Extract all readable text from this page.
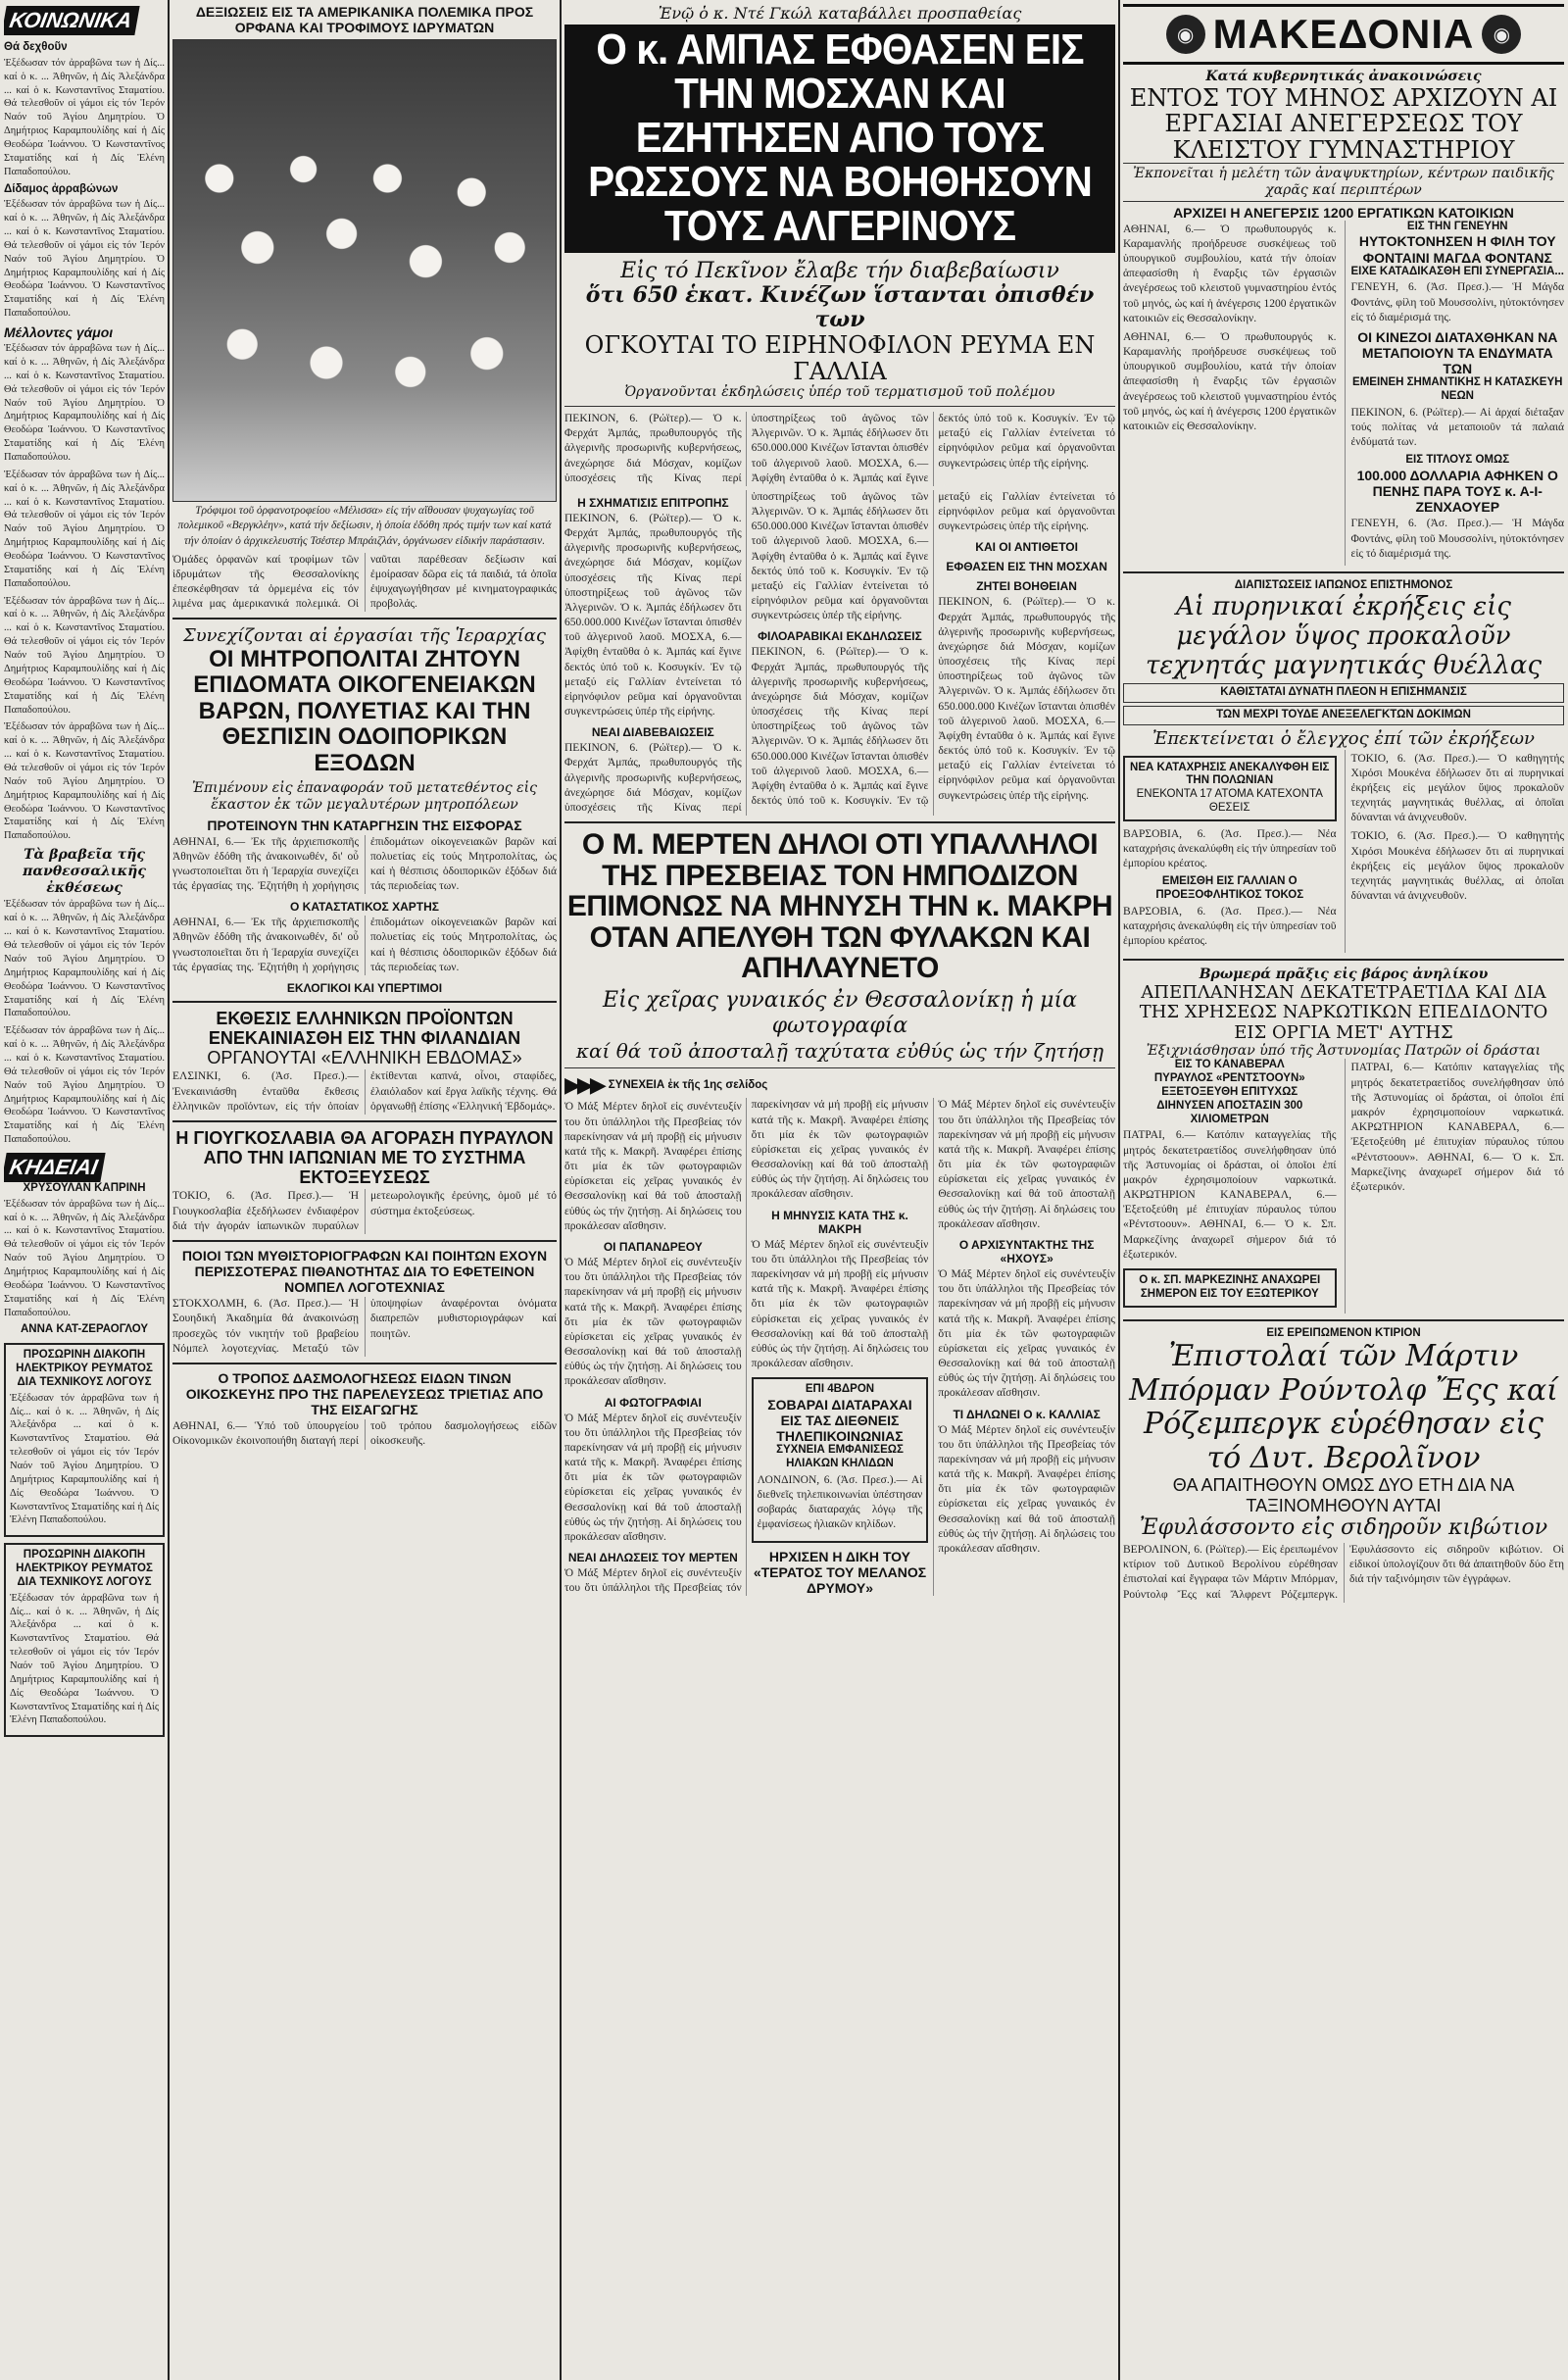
ΚΟΙΝΩΝΙΚΑ
Θά δεχθοῦν
Ἐξέδωσαν τόν ἀρραβῶνα των ἡ Δίς... καί ὁ κ. ... Ἀθηνῶν, ἡ Δίς Ἀλεξάνδρα ... καί ὁ κ. Κωνσταντῖνος Σταματίου. Θά τελεσθοῦν οἱ γάμοι εἰς τόν Ἱερόν Ναόν τοῦ Ἁγίου Δημητρίου. Ὁ Δημήτριος Καραμπουλίδης καί ἡ Δίς Θεοδώρα Ἰωάννου. Ὁ Κωνσταντῖνος Σταματίδης καί ἡ Δίς Ἑλένη Παπαδοπούλου.
Δίδαμος ἀρραβώνων
Ἐξέδωσαν τόν ἀρραβῶνα των ἡ Δίς... καί ὁ κ. ... Ἀθηνῶν, ἡ Δίς Ἀλεξάνδρα ... καί ὁ κ. Κωνσταντῖνος Σταματίου. Θά τελεσθοῦν οἱ γάμοι εἰς τόν Ἱερόν Ναόν τοῦ Ἁγίου Δημητρίου. Ὁ Δημήτριος Καραμπουλίδης καί ἡ Δίς Θεοδώρα Ἰωάννου. Ὁ Κωνσταντῖνος Σταματίδης καί ἡ Δίς Ἑλένη Παπαδοπούλου.
Μέλλοντες γάμοι
Ἐξέδωσαν τόν ἀρραβῶνα των ἡ Δίς... καί ὁ κ. ... Ἀθηνῶν, ἡ Δίς Ἀλεξάνδρα ... καί ὁ κ. Κωνσταντῖνος Σταματίου. Θά τελεσθοῦν οἱ γάμοι εἰς τόν Ἱερόν Ναόν τοῦ Ἁγίου Δημητρίου. Ὁ Δημήτριος Καραμπουλίδης καί ἡ Δίς Θεοδώρα Ἰωάννου. Ὁ Κωνσταντῖνος Σταματίδης καί ἡ Δίς Ἑλένη Παπαδοπούλου.
Ἐξέδωσαν τόν ἀρραβῶνα των ἡ Δίς... καί ὁ κ. ... Ἀθηνῶν, ἡ Δίς Ἀλεξάνδρα ... καί ὁ κ. Κωνσταντῖνος Σταματίου. Θά τελεσθοῦν οἱ γάμοι εἰς τόν Ἱερόν Ναόν τοῦ Ἁγίου Δημητρίου. Ὁ Δημήτριος Καραμπουλίδης καί ἡ Δίς Θεοδώρα Ἰωάννου. Ὁ Κωνσταντῖνος Σταματίδης καί ἡ Δίς Ἑλένη Παπαδοπούλου.
Ἐξέδωσαν τόν ἀρραβῶνα των ἡ Δίς... καί ὁ κ. ... Ἀθηνῶν, ἡ Δίς Ἀλεξάνδρα ... καί ὁ κ. Κωνσταντῖνος Σταματίου. Θά τελεσθοῦν οἱ γάμοι εἰς τόν Ἱερόν Ναόν τοῦ Ἁγίου Δημητρίου. Ὁ Δημήτριος Καραμπουλίδης καί ἡ Δίς Θεοδώρα Ἰωάννου. Ὁ Κωνσταντῖνος Σταματίδης καί ἡ Δίς Ἑλένη Παπαδοπούλου.
Ἐξέδωσαν τόν ἀρραβῶνα των ἡ Δίς... καί ὁ κ. ... Ἀθηνῶν, ἡ Δίς Ἀλεξάνδρα ... καί ὁ κ. Κωνσταντῖνος Σταματίου. Θά τελεσθοῦν οἱ γάμοι εἰς τόν Ἱερόν Ναόν τοῦ Ἁγίου Δημητρίου. Ὁ Δημήτριος Καραμπουλίδης καί ἡ Δίς Θεοδώρα Ἰωάννου. Ὁ Κωνσταντῖνος Σταματίδης καί ἡ Δίς Ἑλένη Παπαδοπούλου.
Τὰ βραβεῖα τῆς πανθεσσαλικῆς ἐκθέσεως
Ἐξέδωσαν τόν ἀρραβῶνα των ἡ Δίς... καί ὁ κ. ... Ἀθηνῶν, ἡ Δίς Ἀλεξάνδρα ... καί ὁ κ. Κωνσταντῖνος Σταματίου. Θά τελεσθοῦν οἱ γάμοι εἰς τόν Ἱερόν Ναόν τοῦ Ἁγίου Δημητρίου. Ὁ Δημήτριος Καραμπουλίδης καί ἡ Δίς Θεοδώρα Ἰωάννου. Ὁ Κωνσταντῖνος Σταματίδης καί ἡ Δίς Ἑλένη Παπαδοπούλου.
Ἐξέδωσαν τόν ἀρραβῶνα των ἡ Δίς... καί ὁ κ. ... Ἀθηνῶν, ἡ Δίς Ἀλεξάνδρα ... καί ὁ κ. Κωνσταντῖνος Σταματίου. Θά τελεσθοῦν οἱ γάμοι εἰς τόν Ἱερόν Ναόν τοῦ Ἁγίου Δημητρίου. Ὁ Δημήτριος Καραμπουλίδης καί ἡ Δίς Θεοδώρα Ἰωάννου. Ὁ Κωνσταντῖνος Σταματίδης καί ἡ Δίς Ἑλένη Παπαδοπούλου.
ΚΗΔΕΙΑΙ
ΧΡΥΣΟΥΛΑΝ ΚΑΠΡΙΝΗ
Ἐξέδωσαν τόν ἀρραβῶνα των ἡ Δίς... καί ὁ κ. ... Ἀθηνῶν, ἡ Δίς Ἀλεξάνδρα ... καί ὁ κ. Κωνσταντῖνος Σταματίου. Θά τελεσθοῦν οἱ γάμοι εἰς τόν Ἱερόν Ναόν τοῦ Ἁγίου Δημητρίου. Ὁ Δημήτριος Καραμπουλίδης καί ἡ Δίς Θεοδώρα Ἰωάννου. Ὁ Κωνσταντῖνος Σταματίδης καί ἡ Δίς Ἑλένη Παπαδοπούλου.
ΑΝΝΑ ΚΑΤ-ΖΕΡΑΟΓΛΟΥ
ΠΡΟΣΩΡΙΝΗ ΔΙΑΚΟΠΗ ΗΛΕΚΤΡΙΚΟΥ ΡΕΥΜΑΤΟΣ ΔΙΑ ΤΕΧΝΙΚΟΥΣ ΛΟΓΟΥΣ
Ἐξέδωσαν τόν ἀρραβῶνα των ἡ Δίς... καί ὁ κ. ... Ἀθηνῶν, ἡ Δίς Ἀλεξάνδρα ... καί ὁ κ. Κωνσταντῖνος Σταματίου. Θά τελεσθοῦν οἱ γάμοι εἰς τόν Ἱερόν Ναόν τοῦ Ἁγίου Δημητρίου. Ὁ Δημήτριος Καραμπουλίδης καί ἡ Δίς Θεοδώρα Ἰωάννου. Ὁ Κωνσταντῖνος Σταματίδης καί ἡ Δίς Ἑλένη Παπαδοπούλου.
ΠΡΟΣΩΡΙΝΗ ΔΙΑΚΟΠΗ ΗΛΕΚΤΡΙΚΟΥ ΡΕΥΜΑΤΟΣ ΔΙΑ ΤΕΧΝΙΚΟΥΣ ΛΟΓΟΥΣ
Ἐξέδωσαν τόν ἀρραβῶνα των ἡ Δίς... καί ὁ κ. ... Ἀθηνῶν, ἡ Δίς Ἀλεξάνδρα ... καί ὁ κ. Κωνσταντῖνος Σταματίου. Θά τελεσθοῦν οἱ γάμοι εἰς τόν Ἱερόν Ναόν τοῦ Ἁγίου Δημητρίου. Ὁ Δημήτριος Καραμπουλίδης καί ἡ Δίς Θεοδώρα Ἰωάννου. Ὁ Κωνσταντῖνος Σταματίδης καί ἡ Δίς Ἑλένη Παπαδοπούλου.
ΔΕΞΙΩΣΕΙΣ ΕΙΣ ΤΑ ΑΜΕΡΙΚΑΝΙΚΑ ΠΟΛΕΜΙΚΑ ΠΡΟΣ ΟΡΦΑΝΑ ΚΑΙ ΤΡΟΦΙΜΟΥΣ ΙΔΡΥΜΑΤΩΝ
Τρόφιμοι τοῦ ὀρφανοτροφείου «Μέλισσα» εἰς τήν αἴθουσαν ψυχαγωγίας τοῦ πολεμικοῦ «Βεργκλέην», κατά τήν δεξίωσιν, ἡ ὁποία ἐδόθη πρός τιμήν των καί κατά τήν ὁποίαν ὁ ἀρχικελευστής Τσέστερ Μπράιζλάν, ὀργάνωσεν εἰδικήν παράστασιν.
Ὁμάδες ὀρφανῶν καί τροφίμων τῶν ἱδρυμάτων τῆς Θεσσαλονίκης ἐπεσκέφθησαν τά ὁρμεμένα εἰς τόν λιμένα μας ἀμερικανικά πολεμικά. Οἱ ναῦται παρέθεσαν δεξίωσιν καί ἐμοίρασαν δῶρα εἰς τά παιδιά, τά ὁποῖα ἐψυχαγωγήθησαν μέ κινηματογραφικάς προβολάς.
Συνεχίζονται αἱ ἐργασίαι τῆς Ἱεραρχίας
ΟΙ ΜΗΤΡΟΠΟΛΙΤΑΙ ΖΗΤΟΥΝ ΕΠΙΔΟΜΑΤΑ ΟΙΚΟΓΕΝΕΙΑΚΩΝ ΒΑΡΩΝ, ΠΟΛΥΕΤΙΑΣ ΚΑΙ ΤΗΝ ΘΕΣΠΙΣΙΝ ΟΔΟΙΠΟΡΙΚΩΝ ΕΞΟΔΩΝ
Ἐπιμένουν εἰς ἐπαναφοράν τοῦ μετατεθέντος εἰς ἕκαστον ἐκ τῶν μεγαλυτέρων μητροπόλεων
ΠΡΟΤΕΙΝΟΥΝ ΤΗΝ ΚΑΤΑΡΓΗΣΙΝ ΤΗΣ ΕΙΣΦΟΡΑΣ
ΑΘΗΝΑΙ, 6.— Ἐκ τῆς ἀρχιεπισκοπῆς Ἀθηνῶν ἐδόθη τῆς ἀνακοινωθέν, δι' οὗ γνωστοποιεῖται ὅτι ἡ Ἱεραρχία συνεχίζει τάς ἐργασίας της. Ἐζητήθη ἡ χορήγησις ἐπιδομάτων οἰκογενειακῶν βαρῶν καί πολυετίας εἰς τούς Μητροπολίτας, ὡς καί ἡ θέσπισις ὁδοιπορικῶν ἐξόδων διά τάς περιοδείας των.
Ο ΚΑΤΑΣΤΑΤΙΚΟΣ ΧΑΡΤΗΣ
ΑΘΗΝΑΙ, 6.— Ἐκ τῆς ἀρχιεπισκοπῆς Ἀθηνῶν ἐδόθη τῆς ἀνακοινωθέν, δι' οὗ γνωστοποιεῖται ὅτι ἡ Ἱεραρχία συνεχίζει τάς ἐργασίας της. Ἐζητήθη ἡ χορήγησις ἐπιδομάτων οἰκογενειακῶν βαρῶν καί πολυετίας εἰς τούς Μητροπολίτας, ὡς καί ἡ θέσπισις ὁδοιπορικῶν ἐξόδων διά τάς περιοδείας των.
ΕΚΛΟΓΙΚΟΙ ΚΑΙ ΥΠΕΡΤΙΜΟΙ
ΕΚΘΕΣΙΣ ΕΛΛΗΝΙΚΩΝ ΠΡΟΪΟΝΤΩΝ ΕΝΕΚΑΙΝΙΑΣΘΗ ΕΙΣ ΤΗΝ ΦΙΛΑΝΔΙΑΝ
ΟΡΓΑΝΟΥΤΑΙ «ΕΛΛΗΝΙΚΗ ΕΒΔΟΜΑΣ»
ΕΛΣΙΝΚΙ, 6. (Ἀσ. Πρεσ.).— Ἐνεκαινιάσθη ἐνταῦθα ἔκθεσις ἑλληνικῶν προϊόντων, εἰς τήν ὁποίαν ἐκτίθενται καπνά, οἶνοι, σταφίδες, ἐλαιόλαδον καί ἔργα λαϊκῆς τέχνης. Θά ὀργανωθῇ ἐπίσης «Ἑλληνική Ἑβδομάς».
Η ΓΙΟΥΓΚΟΣΛΑΒΙΑ ΘΑ ΑΓΟΡΑΣΗ ΠΥΡΑΥΛΟΝ ΑΠΟ ΤΗΝ ΙΑΠΩΝΙΑΝ ΜΕ ΤΟ ΣΥΣΤΗΜΑ ΕΚΤΟΞΕΥΣΕΩΣ
ΤΟΚΙΟ, 6. (Ἀσ. Πρεσ.).— Ἡ Γιουγκοσλαβία ἐξεδήλωσεν ἐνδιαφέρον διά τήν ἀγοράν ἰαπωνικῶν πυραύλων μετεωρολογικῆς ἐρεύνης, ὁμοῦ μέ τό σύστημα ἐκτοξεύσεως.
ΠΟΙΟΙ ΤΩΝ ΜΥΘΙΣΤΟΡΙΟΓΡΑΦΩΝ ΚΑΙ ΠΟΙΗΤΩΝ ΕΧΟΥΝ ΠΕΡΙΣΣΟΤΕΡΑΣ ΠΙΘΑΝΟΤΗΤΑΣ ΔΙΑ ΤΟ ΕΦΕΤΕΙΝΟΝ ΝΟΜΠΕΛ ΛΟΓΟΤΕΧΝΙΑΣ
ΣΤΟΚΧΟΛΜΗ, 6. (Ἀσ. Πρεσ.).— Ἡ Σουηδική Ἀκαδημία θά ἀνακοινώσῃ προσεχῶς τόν νικητήν τοῦ βραβείου Νόμπελ λογοτεχνίας. Μεταξύ τῶν ὑποψηφίων ἀναφέρονται ὀνόματα διαπρεπῶν μυθιστοριογράφων καί ποιητῶν.
Ο ΤΡΟΠΟΣ ΔΑΣΜΟΛΟΓΗΣΕΩΣ ΕΙΔΩΝ ΤΙΝΩΝ ΟΙΚΟΣΚΕΥΗΣ ΠΡΟ ΤΗΣ ΠΑΡΕΛΕΥΣΕΩΣ ΤΡΙΕΤΙΑΣ ΑΠΟ ΤΗΣ ΕΙΣΑΓΩΓΗΣ
ΑΘΗΝΑΙ, 6.— Ὑπό τοῦ ὑπουργείου Οἰκονομικῶν ἐκοινοποιήθη διαταγή περί τοῦ τρόπου δασμολογήσεως εἰδῶν οἰκοσκευῆς.
Ἐνῷ ὁ κ. Ντέ Γκώλ καταβάλλει προσπαθείας
Ο κ. ΑΜΠΑΣ ΕΦΘΑΣΕΝ ΕΙΣ ΤΗΝ ΜΟΣΧΑΝ ΚΑΙ ΕΖΗΤΗΣΕΝ ΑΠΟ ΤΟΥΣ ΡΩΣΣΟΥΣ ΝΑ ΒΟΗΘΗΣΟΥΝ ΤΟΥΣ ΑΛΓΕΡΙΝΟΥΣ
Εἰς τό Πεκῖνον ἔλαβε τήν διαβεβαίωσιν
ὅτι 650 ἑκατ. Κινέζων ἵστανται ὀπισθέν των
ΟΓΚΟΥΤΑΙ ΤΟ ΕΙΡΗΝΟΦΙΛΟΝ ΡΕΥΜΑ ΕΝ ΓΑΛΛΙΑ
Ὀργανοῦνται ἐκδηλώσεις ὑπέρ τοῦ τερματισμοῦ τοῦ πολέμου
ΠΕΚΙΝΟΝ, 6. (Ρώϊτερ).— Ὁ κ. Φερχάτ Ἀμπάς, πρωθυπουργός τῆς ἀλγερινῆς προσωρινῆς κυβερνήσεως, ἀνεχώρησε διά Μόσχαν, κομίζων ὑποσχέσεις τῆς Κίνας περί ὑποστηρίξεως τοῦ ἀγῶνος τῶν Ἀλγερινῶν. Ὁ κ. Ἀμπάς ἐδήλωσεν ὅτι 650.000.000 Κινέζων ἵστανται ὀπισθέν τοῦ ἀλγερινοῦ λαοῦ. ΜΟΣΧΑ, 6.— Ἀφίχθη ἐνταῦθα ὁ κ. Ἀμπάς καί ἔγινε δεκτός ὑπό τοῦ κ. Κοσυγκίν. Ἐν τῷ μεταξύ εἰς Γαλλίαν ἐντείνεται τό εἰρηνόφιλον ρεῦμα καί ὀργανοῦνται συγκεντρώσεις ὑπέρ τῆς εἰρήνης.
Η ΣΧΗΜΑΤΙΣΙΣ ΕΠΙΤΡΟΠΗΣ
ΠΕΚΙΝΟΝ, 6. (Ρώϊτερ).— Ὁ κ. Φερχάτ Ἀμπάς, πρωθυπουργός τῆς ἀλγερινῆς προσωρινῆς κυβερνήσεως, ἀνεχώρησε διά Μόσχαν, κομίζων ὑποσχέσεις τῆς Κίνας περί ὑποστηρίξεως τοῦ ἀγῶνος τῶν Ἀλγερινῶν. Ὁ κ. Ἀμπάς ἐδήλωσεν ὅτι 650.000.000 Κινέζων ἵστανται ὀπισθέν τοῦ ἀλγερινοῦ λαοῦ. ΜΟΣΧΑ, 6.— Ἀφίχθη ἐνταῦθα ὁ κ. Ἀμπάς καί ἔγινε δεκτός ὑπό τοῦ κ. Κοσυγκίν. Ἐν τῷ μεταξύ εἰς Γαλλίαν ἐντείνεται τό εἰρηνόφιλον ρεῦμα καί ὀργανοῦνται συγκεντρώσεις ὑπέρ τῆς εἰρήνης.
ΝΕΑΙ ΔΙΑΒΕΒΑΙΩΣΕΙΣ
ΠΕΚΙΝΟΝ, 6. (Ρώϊτερ).— Ὁ κ. Φερχάτ Ἀμπάς, πρωθυπουργός τῆς ἀλγερινῆς προσωρινῆς κυβερνήσεως, ἀνεχώρησε διά Μόσχαν, κομίζων ὑποσχέσεις τῆς Κίνας περί ὑποστηρίξεως τοῦ ἀγῶνος τῶν Ἀλγερινῶν. Ὁ κ. Ἀμπάς ἐδήλωσεν ὅτι 650.000.000 Κινέζων ἵστανται ὀπισθέν τοῦ ἀλγερινοῦ λαοῦ. ΜΟΣΧΑ, 6.— Ἀφίχθη ἐνταῦθα ὁ κ. Ἀμπάς καί ἔγινε δεκτός ὑπό τοῦ κ. Κοσυγκίν. Ἐν τῷ μεταξύ εἰς Γαλλίαν ἐντείνεται τό εἰρηνόφιλον ρεῦμα καί ὀργανοῦνται συγκεντρώσεις ὑπέρ τῆς εἰρήνης.
ΦΙΛΟΑΡΑΒΙΚΑΙ ΕΚΔΗΛΩΣΕΙΣ
ΠΕΚΙΝΟΝ, 6. (Ρώϊτερ).— Ὁ κ. Φερχάτ Ἀμπάς, πρωθυπουργός τῆς ἀλγερινῆς προσωρινῆς κυβερνήσεως, ἀνεχώρησε διά Μόσχαν, κομίζων ὑποσχέσεις τῆς Κίνας περί ὑποστηρίξεως τοῦ ἀγῶνος τῶν Ἀλγερινῶν. Ὁ κ. Ἀμπάς ἐδήλωσεν ὅτι 650.000.000 Κινέζων ἵστανται ὀπισθέν τοῦ ἀλγερινοῦ λαοῦ. ΜΟΣΧΑ, 6.— Ἀφίχθη ἐνταῦθα ὁ κ. Ἀμπάς καί ἔγινε δεκτός ὑπό τοῦ κ. Κοσυγκίν. Ἐν τῷ μεταξύ εἰς Γαλλίαν ἐντείνεται τό εἰρηνόφιλον ρεῦμα καί ὀργανοῦνται συγκεντρώσεις ὑπέρ τῆς εἰρήνης.
ΚΑΙ ΟΙ ΑΝΤΙΘΕΤΟΙ
ΕΦΘΑΣΕΝ ΕΙΣ ΤΗΝ ΜΟΣΧΑΝ
ΖΗΤΕΙ ΒΟΗΘΕΙΑΝ
ΠΕΚΙΝΟΝ, 6. (Ρώϊτερ).— Ὁ κ. Φερχάτ Ἀμπάς, πρωθυπουργός τῆς ἀλγερινῆς προσωρινῆς κυβερνήσεως, ἀνεχώρησε διά Μόσχαν, κομίζων ὑποσχέσεις τῆς Κίνας περί ὑποστηρίξεως τοῦ ἀγῶνος τῶν Ἀλγερινῶν. Ὁ κ. Ἀμπάς ἐδήλωσεν ὅτι 650.000.000 Κινέζων ἵστανται ὀπισθέν τοῦ ἀλγερινοῦ λαοῦ. ΜΟΣΧΑ, 6.— Ἀφίχθη ἐνταῦθα ὁ κ. Ἀμπάς καί ἔγινε δεκτός ὑπό τοῦ κ. Κοσυγκίν. Ἐν τῷ μεταξύ εἰς Γαλλίαν ἐντείνεται τό εἰρηνόφιλον ρεῦμα καί ὀργανοῦνται συγκεντρώσεις ὑπέρ τῆς εἰρήνης.
Ο Μ. ΜΕΡΤΕΝ ΔΗΛΟΙ ΟΤΙ ΥΠΑΛΛΗΛΟΙ ΤΗΣ ΠΡΕΣΒΕΙΑΣ ΤΟΝ ΗΜΠΟΔΙΖΟΝ ΕΠΙΜΟΝΩΣ ΝΑ ΜΗΝΥΣΗ ΤΗΝ κ. ΜΑΚΡΗ ΟΤΑΝ ΑΠΕΛΥΘΗ ΤΩΝ ΦΥΛΑΚΩΝ ΚΑΙ ΑΠΗΛΑΥΝΕΤΟ
Εἰς χεῖρας γυναικός ἐν Θεσσαλονίκῃ ἡ μία φωτογραφία
καί θά τοῦ ἀποσταλῇ ταχύτατα εὐθύς ὡς τήν ζητήσῃ
▶▶▶ ΣΥΝΕΧΕΙΑ ἐκ τῆς 1ης σελίδος
Ὁ Μάξ Μέρτεν δηλοῖ εἰς συνέντευξίν του ὅτι ὑπάλληλοι τῆς Πρεσβείας τόν παρεκίνησαν νά μή προβῇ εἰς μήνυσιν κατά τῆς κ. Μακρῆ. Ἀναφέρει ἐπίσης ὅτι μία ἐκ τῶν φωτογραφιῶν εὑρίσκεται εἰς χεῖρας γυναικός ἐν Θεσσαλονίκῃ καί θά τοῦ ἀποσταλῇ εὐθύς ὡς τήν ζητήσῃ. Αἱ δηλώσεις του προκάλεσαν αἴσθησιν.
ΟΙ ΠΑΠΑΝΔΡΕΟΥ
Ὁ Μάξ Μέρτεν δηλοῖ εἰς συνέντευξίν του ὅτι ὑπάλληλοι τῆς Πρεσβείας τόν παρεκίνησαν νά μή προβῇ εἰς μήνυσιν κατά τῆς κ. Μακρῆ. Ἀναφέρει ἐπίσης ὅτι μία ἐκ τῶν φωτογραφιῶν εὑρίσκεται εἰς χεῖρας γυναικός ἐν Θεσσαλονίκῃ καί θά τοῦ ἀποσταλῇ εὐθύς ὡς τήν ζητήσῃ. Αἱ δηλώσεις του προκάλεσαν αἴσθησιν.
ΑΙ ΦΩΤΟΓΡΑΦΙΑΙ
Ὁ Μάξ Μέρτεν δηλοῖ εἰς συνέντευξίν του ὅτι ὑπάλληλοι τῆς Πρεσβείας τόν παρεκίνησαν νά μή προβῇ εἰς μήνυσιν κατά τῆς κ. Μακρῆ. Ἀναφέρει ἐπίσης ὅτι μία ἐκ τῶν φωτογραφιῶν εὑρίσκεται εἰς χεῖρας γυναικός ἐν Θεσσαλονίκῃ καί θά τοῦ ἀποσταλῇ εὐθύς ὡς τήν ζητήσῃ. Αἱ δηλώσεις του προκάλεσαν αἴσθησιν.
ΝΕΑΙ ΔΗΛΩΣΕΙΣ ΤΟΥ ΜΕΡΤΕΝ
Ὁ Μάξ Μέρτεν δηλοῖ εἰς συνέντευξίν του ὅτι ὑπάλληλοι τῆς Πρεσβείας τόν παρεκίνησαν νά μή προβῇ εἰς μήνυσιν κατά τῆς κ. Μακρῆ. Ἀναφέρει ἐπίσης ὅτι μία ἐκ τῶν φωτογραφιῶν εὑρίσκεται εἰς χεῖρας γυναικός ἐν Θεσσαλονίκῃ καί θά τοῦ ἀποσταλῇ εὐθύς ὡς τήν ζητήσῃ. Αἱ δηλώσεις του προκάλεσαν αἴσθησιν.
Η ΜΗΝΥΣΙΣ ΚΑΤΑ ΤΗΣ κ. ΜΑΚΡΗ
Ὁ Μάξ Μέρτεν δηλοῖ εἰς συνέντευξίν του ὅτι ὑπάλληλοι τῆς Πρεσβείας τόν παρεκίνησαν νά μή προβῇ εἰς μήνυσιν κατά τῆς κ. Μακρῆ. Ἀναφέρει ἐπίσης ὅτι μία ἐκ τῶν φωτογραφιῶν εὑρίσκεται εἰς χεῖρας γυναικός ἐν Θεσσαλονίκῃ καί θά τοῦ ἀποσταλῇ εὐθύς ὡς τήν ζητήσῃ. Αἱ δηλώσεις του προκάλεσαν αἴσθησιν.
ΕΠΙ 4ΒΔΡΟΝ
ΣΟΒΑΡΑΙ ΔΙΑΤΑΡΑΧΑΙ ΕΙΣ ΤΑΣ ΔΙΕΘΝΕΙΣ ΤΗΛΕΠΙΚΟΙΝΩΝΙΑΣ
ΣΥΧΝΕΙΑ ΕΜΦΑΝΙΣΕΩΣ ΗΛΙΑΚΩΝ ΚΗΛΙΔΩΝ
ΛΟΝΔΙΝΟΝ, 6. (Ἀσ. Πρεσ.).— Αἱ διεθνεῖς τηλεπικοινωνίαι ὑπέστησαν σοβαράς διαταραχάς λόγῳ τῆς ἐμφανίσεως ἡλιακῶν κηλίδων.
ΗΡΧΙΣΕΝ Η ΔΙΚΗ ΤΟΥ «ΤΕΡΑΤΟΣ ΤΟΥ ΜΕΛΑΝΟΣ ΔΡΥΜΟΥ»
Ὁ Μάξ Μέρτεν δηλοῖ εἰς συνέντευξίν του ὅτι ὑπάλληλοι τῆς Πρεσβείας τόν παρεκίνησαν νά μή προβῇ εἰς μήνυσιν κατά τῆς κ. Μακρῆ. Ἀναφέρει ἐπίσης ὅτι μία ἐκ τῶν φωτογραφιῶν εὑρίσκεται εἰς χεῖρας γυναικός ἐν Θεσσαλονίκῃ καί θά τοῦ ἀποσταλῇ εὐθύς ὡς τήν ζητήσῃ. Αἱ δηλώσεις του προκάλεσαν αἴσθησιν.
Ο ΑΡΧΙΣΥΝΤΑΚΤΗΣ ΤΗΣ «ΗΧΟΥΣ»
Ὁ Μάξ Μέρτεν δηλοῖ εἰς συνέντευξίν του ὅτι ὑπάλληλοι τῆς Πρεσβείας τόν παρεκίνησαν νά μή προβῇ εἰς μήνυσιν κατά τῆς κ. Μακρῆ. Ἀναφέρει ἐπίσης ὅτι μία ἐκ τῶν φωτογραφιῶν εὑρίσκεται εἰς χεῖρας γυναικός ἐν Θεσσαλονίκῃ καί θά τοῦ ἀποσταλῇ εὐθύς ὡς τήν ζητήσῃ. Αἱ δηλώσεις του προκάλεσαν αἴσθησιν.
ΤΙ ΔΗΛΩΝΕΙ Ο κ. ΚΑΛΛΙΑΣ
Ὁ Μάξ Μέρτεν δηλοῖ εἰς συνέντευξίν του ὅτι ὑπάλληλοι τῆς Πρεσβείας τόν παρεκίνησαν νά μή προβῇ εἰς μήνυσιν κατά τῆς κ. Μακρῆ. Ἀναφέρει ἐπίσης ὅτι μία ἐκ τῶν φωτογραφιῶν εὑρίσκεται εἰς χεῖρας γυναικός ἐν Θεσσαλονίκῃ καί θά τοῦ ἀποσταλῇ εὐθύς ὡς τήν ζητήσῃ. Αἱ δηλώσεις του προκάλεσαν αἴσθησιν.
◉ ΜΑΚΕΔΟΝΙΑ ◉
Κατά κυβερνητικάς ἀνακοινώσεις
ΕΝΤΟΣ ΤΟΥ ΜΗΝΟΣ ΑΡΧΙΖΟΥΝ ΑΙ ΕΡΓΑΣΙΑΙ ΑΝΕΓΕΡΣΕΩΣ ΤΟΥ ΚΛΕΙΣΤΟΥ ΓΥΜΝΑΣΤΗΡΙΟΥ
Ἐκπονεῖται ἡ μελέτη τῶν ἀναψυκτηρίων, κέντρων παιδικῆς χαρᾶς καί περιπτέρων
ΑΡΧΙΖΕΙ Η ΑΝΕΓΕΡΣΙΣ 1200 ΕΡΓΑΤΙΚΩΝ ΚΑΤΟΙΚΙΩΝ
ΑΘΗΝΑΙ, 6.— Ὁ πρωθυπουργός κ. Καραμανλής προήδρευσε συσκέψεως τοῦ ὑπουργικοῦ συμβουλίου, κατά τήν ὁποίαν ἀπεφασίσθη ἡ ἔναρξις τῶν ἐργασιῶν ἀνεγέρσεως τοῦ κλειστοῦ γυμναστηρίου ἐντός τοῦ μηνός, ὡς καί ἡ ἀνέγερσις 1200 ἐργατικῶν κατοικιῶν εἰς Θεσσαλονίκην.
ΑΘΗΝΑΙ, 6.— Ὁ πρωθυπουργός κ. Καραμανλής προήδρευσε συσκέψεως τοῦ ὑπουργικοῦ συμβουλίου, κατά τήν ὁποίαν ἀπεφασίσθη ἡ ἔναρξις τῶν ἐργασιῶν ἀνεγέρσεως τοῦ κλειστοῦ γυμναστηρίου ἐντός τοῦ μηνός, ὡς καί ἡ ἀνέγερσις 1200 ἐργατικῶν κατοικιῶν εἰς Θεσσαλονίκην.
ΕΙΣ ΤΗΝ ΓΕΝΕΥΗΝ
ΗΥΤΟΚΤΟΝΗΣΕΝ Η ΦΙΛΗ ΤΟΥ ΦΟΝΤΑΙΝΙ ΜΑΓΔΑ ΦΟΝΤΑΝΣ
ΕΙΧΕ ΚΑΤΑΔΙΚΑΣΘΗ ΕΠΙ ΣΥΝΕΡΓΑΣΙΑ...
ΓΕΝΕΥΗ, 6. (Ἀσ. Πρεσ.).— Ἡ Μάγδα Φοντάνς, φίλη τοῦ Μουσσολίνι, ηὐτοκτόνησεν εἰς τό διαμέρισμά της.
ΟΙ ΚΙΝΕΖΟΙ ΔΙΑΤΑΧΘΗΚΑΝ ΝΑ ΜΕΤΑΠΟΙΟΥΝ ΤΑ ΕΝΔΥΜΑΤΑ ΤΩΝ
ΕΜΕΙΝΕΗ ΣΗΜΑΝΤΙΚΗΣ Η ΚΑΤΑΣΚΕΥΗ ΝΕΩΝ
ΠΕΚΙΝΟΝ, 6. (Ρώϊτερ).— Αἱ ἀρχαί διέταξαν τούς πολίτας νά μεταποιοῦν τά παλαιά ἐνδύματά των.
ΕΙΣ ΤΙΤΛΟΥΣ ΟΜΩΣ
100.000 ΔΟΛΛΑΡΙΑ ΑΦΗΚΕΝ Ο ΠΕΝΗΣ ΠΑΡΑ ΤΟΥΣ κ. Α-Ι-ΖΕΝΧΑΟΥΕΡ
ΓΕΝΕΥΗ, 6. (Ἀσ. Πρεσ.).— Ἡ Μάγδα Φοντάνς, φίλη τοῦ Μουσσολίνι, ηὐτοκτόνησεν εἰς τό διαμέρισμά της.
ΔΙΑΠΙΣΤΩΣΕΙΣ ΙΑΠΩΝΟΣ ΕΠΙΣΤΗΜΟΝΟΣ
Αἱ πυρηνικαί ἐκρήξεις εἰς μεγάλον ὕψος προκαλοῦν τεχνητάς μαγνητικάς θυέλλας
ΚΑΘΙΣΤΑΤΑΙ ΔΥΝΑΤΗ ΠΛΕΟΝ Η ΕΠΙΣΗΜΑΝΣΙΣ
ΤΩΝ ΜΕΧΡΙ ΤΟΥΔΕ ΑΝΕΞΕΛΕΓΚΤΩΝ ΔΟΚΙΜΩΝ
Ἐπεκτείνεται ὁ ἔλεγχος ἐπί τῶν ἐκρήξεων
ΝΕΑ ΚΑΤΑΧΡΗΣΙΣ ΑΝΕΚΑΛΥΦΘΗ ΕΙΣ ΤΗΝ ΠΟΛΩΝΙΑΝ
ΕΝΕΚΟΝΤΑ 17 ΑΤΟΜΑ ΚΑΤΕΧΟΝΤΑ ΘΕΣΕΙΣ
ΒΑΡΣΟΒΙΑ, 6. (Ἀσ. Πρεσ.).— Νέα καταχρήσις ἀνεκαλύφθη εἰς τήν ὑπηρεσίαν τοῦ ἐμπορίου κρέατος.
ΕΜΕΙΣΘΗ ΕΙΣ ΓΑΛΛΙΑΝ Ο ΠΡΟΕΞΟΦΛΗΤΙΚΟΣ ΤΟΚΟΣ
ΒΑΡΣΟΒΙΑ, 6. (Ἀσ. Πρεσ.).— Νέα καταχρήσις ἀνεκαλύφθη εἰς τήν ὑπηρεσίαν τοῦ ἐμπορίου κρέατος.
ΤΟΚΙΟ, 6. (Ἀσ. Πρεσ.).— Ὁ καθηγητής Χιρόσι Μουκένα ἐδήλωσεν ὅτι αἱ πυρηνικαί ἐκρήξεις εἰς μεγάλον ὕψος προκαλοῦν τεχνητάς μαγνητικάς θυέλλας, αἱ ὁποῖαι δύνανται νά ἀνιχνευθοῦν.
ΤΟΚΙΟ, 6. (Ἀσ. Πρεσ.).— Ὁ καθηγητής Χιρόσι Μουκένα ἐδήλωσεν ὅτι αἱ πυρηνικαί ἐκρήξεις εἰς μεγάλον ὕψος προκαλοῦν τεχνητάς μαγνητικάς θυέλλας, αἱ ὁποῖαι δύνανται νά ἀνιχνευθοῦν.
Βρωμερά πρᾶξις εἰς βάρος ἀνηλίκου
ΑΠΕΠΛΑΝΗΣΑΝ ΔΕΚΑΤΕΤΡΑΕΤΙΔΑ ΚΑΙ ΔΙΑ ΤΗΣ ΧΡΗΣΕΩΣ ΝΑΡΚΩΤΙΚΩΝ ΕΠΕΔΙΔΟΝΤΟ ΕΙΣ ΟΡΓΙΑ ΜΕΤ' ΑΥΤΗΣ
Ἐξιχνιάσθησαν ὑπό τῆς Ἀστυνομίας Πατρῶν οἱ δράσται
ΕΙΣ ΤΟ ΚΑΝΑΒΕΡΑΛ
ΠΥΡΑΥΛΟΣ «ΡΕΝΤΣΤΟΟΥΝ» ΕΞΕΤΟΞΕΥΘΗ ΕΠΙΤΥΧΩΣ
ΔΙΗΝΥΣΕΝ ΑΠΟΣΤΑΣΙΝ 300 ΧΙΛΙΟΜΕΤΡΩΝ
ΠΑΤΡΑΙ, 6.— Κατόπιν καταγγελίας τῆς μητρός δεκατετραετίδος συνελήφθησαν ὑπό τῆς Ἀστυνομίας οἱ δράσται, οἱ ὁποῖοι ἐπί μακρόν ἐχρησιμοποίουν ναρκωτικά. ΑΚΡΩΤΗΡΙΟΝ ΚΑΝΑΒΕΡΑΛ, 6.— Ἐξετοξεύθη μέ ἐπιτυχίαν πύραυλος τύπου «Ρέντστοουν». ΑΘΗΝΑΙ, 6.— Ὁ κ. Σπ. Μαρκεζίνης ἀναχωρεῖ σήμερον διά τό ἐξωτερικόν.
Ο κ. ΣΠ. ΜΑΡΚΕΖΙΝΗΣ ΑΝΑΧΩΡΕΙ ΣΗΜΕΡΟΝ ΕΙΣ ΤΟΥ ΕΞΩΤΕΡΙΚΟΥ
ΠΑΤΡΑΙ, 6.— Κατόπιν καταγγελίας τῆς μητρός δεκατετραετίδος συνελήφθησαν ὑπό τῆς Ἀστυνομίας οἱ δράσται, οἱ ὁποῖοι ἐπί μακρόν ἐχρησιμοποίουν ναρκωτικά. ΑΚΡΩΤΗΡΙΟΝ ΚΑΝΑΒΕΡΑΛ, 6.— Ἐξετοξεύθη μέ ἐπιτυχίαν πύραυλος τύπου «Ρέντστοουν». ΑΘΗΝΑΙ, 6.— Ὁ κ. Σπ. Μαρκεζίνης ἀναχωρεῖ σήμερον διά τό ἐξωτερικόν.
ΕΙΣ ΕΡΕΙΠΩΜΕΝΟΝ ΚΤΙΡΙΟΝ
Ἐπιστολαί τῶν Μάρτιν Μπόρμαν Ρούντολφ Ἔςς καί Ρόζεμπεργκ εὑρέθησαν εἰς τό Δυτ. Βερολῖνον
ΘΑ ΑΠΑΙΤΗΘΟΥΝ ΟΜΩΣ ΔΥΟ ΕΤΗ ΔΙΑ ΝΑ ΤΑΞΙΝΟΜΗΘΟΥΝ ΑΥΤΑΙ
Ἐφυλάσσοντο εἰς σιδηροῦν κιβώτιον
ΒΕΡΟΛΙΝΟΝ, 6. (Ρώϊτερ).— Εἰς ἐρειπωμένον κτίριον τοῦ Δυτικοῦ Βερολίνου εὑρέθησαν ἐπιστολαί καί ἔγγραφα τῶν Μάρτιν Μπόρμαν, Ρούντολφ Ἔςς καί Ἄλφρεντ Ρόζεμπεργκ. Ἐφυλάσσοντο εἰς σιδηροῦν κιβώτιον. Οἱ εἰδικοί ὑπολογίζουν ὅτι θά ἀπαιτηθοῦν δύο ἔτη διά τήν ταξινόμησιν τῶν ἐγγράφων.
